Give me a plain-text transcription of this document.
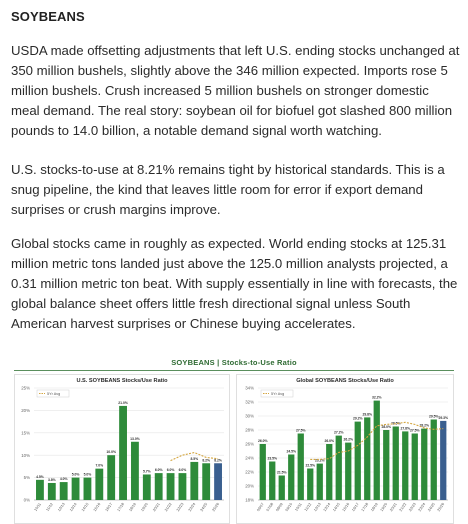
SOYBEANS

USDA made offsetting adjustments that left U.S. ending stocks unchanged at 350 million bushels, slightly above the 346 million expected. Imports rose 5 million bushels. Crush increased 5 million bushels on stronger domestic meal demand. The real story: soybean oil for biofuel got slashed 800 million pounds to 14.0 billion, a notable demand signal worth watching.

U.S. stocks-to-use at 8.21% remains tight by historical standards. This is a snug pipeline, the kind that leaves little room for error if export demand surprises or crush margins improve.

Global stocks came in roughly as expected. World ending stocks at 125.31 million metric tons landed just above the 125.0 million analysts projected, a 0.31 million metric ton beat. With supply essentially in line with forecasts, the global balance sheet offers little fresh directional signal unless South American harvest surprises or Chinese buying accelerates.

SOYBEANS | Stocks-to-Use Ratio
U.S. SOYBEANS Stocks/Use Ratio
0%
5%
10%
15%
20%
25%
5Yr Avg
4.5%
10/11
3.8%
11/12
4.0%
12/13
5.0%
13/14
5.0%
14/15
7.0%
15/16
10.0%
16/17
21.0%
17/18
13.0%
18/19
5.7%
19/20
6.0%
20/21
6.0%
21/22
6.0%
22/23
8.5%
23/24
8.2%
24/25
8.2%
25/26
Global SOYBEANS Stocks/Use Ratio
18%
20%
22%
24%
26%
28%
30%
32%
34%
5Yr Avg
26.0%
06/07
23.5%
07/08
21.5%
08/09
24.5%
09/10
27.5%
10/11
22.5%
11/12
23.2%
12/13
26.0%
13/14
27.2%
14/15
26.2%
15/16
29.2%
16/17
29.8%
17/18
32.2%
18/19
28.0%
19/20
28.5%
20/21
27.8%
21/22
27.5%
22/23
28.2%
23/24
29.5%
24/25
29.3%
25/26
